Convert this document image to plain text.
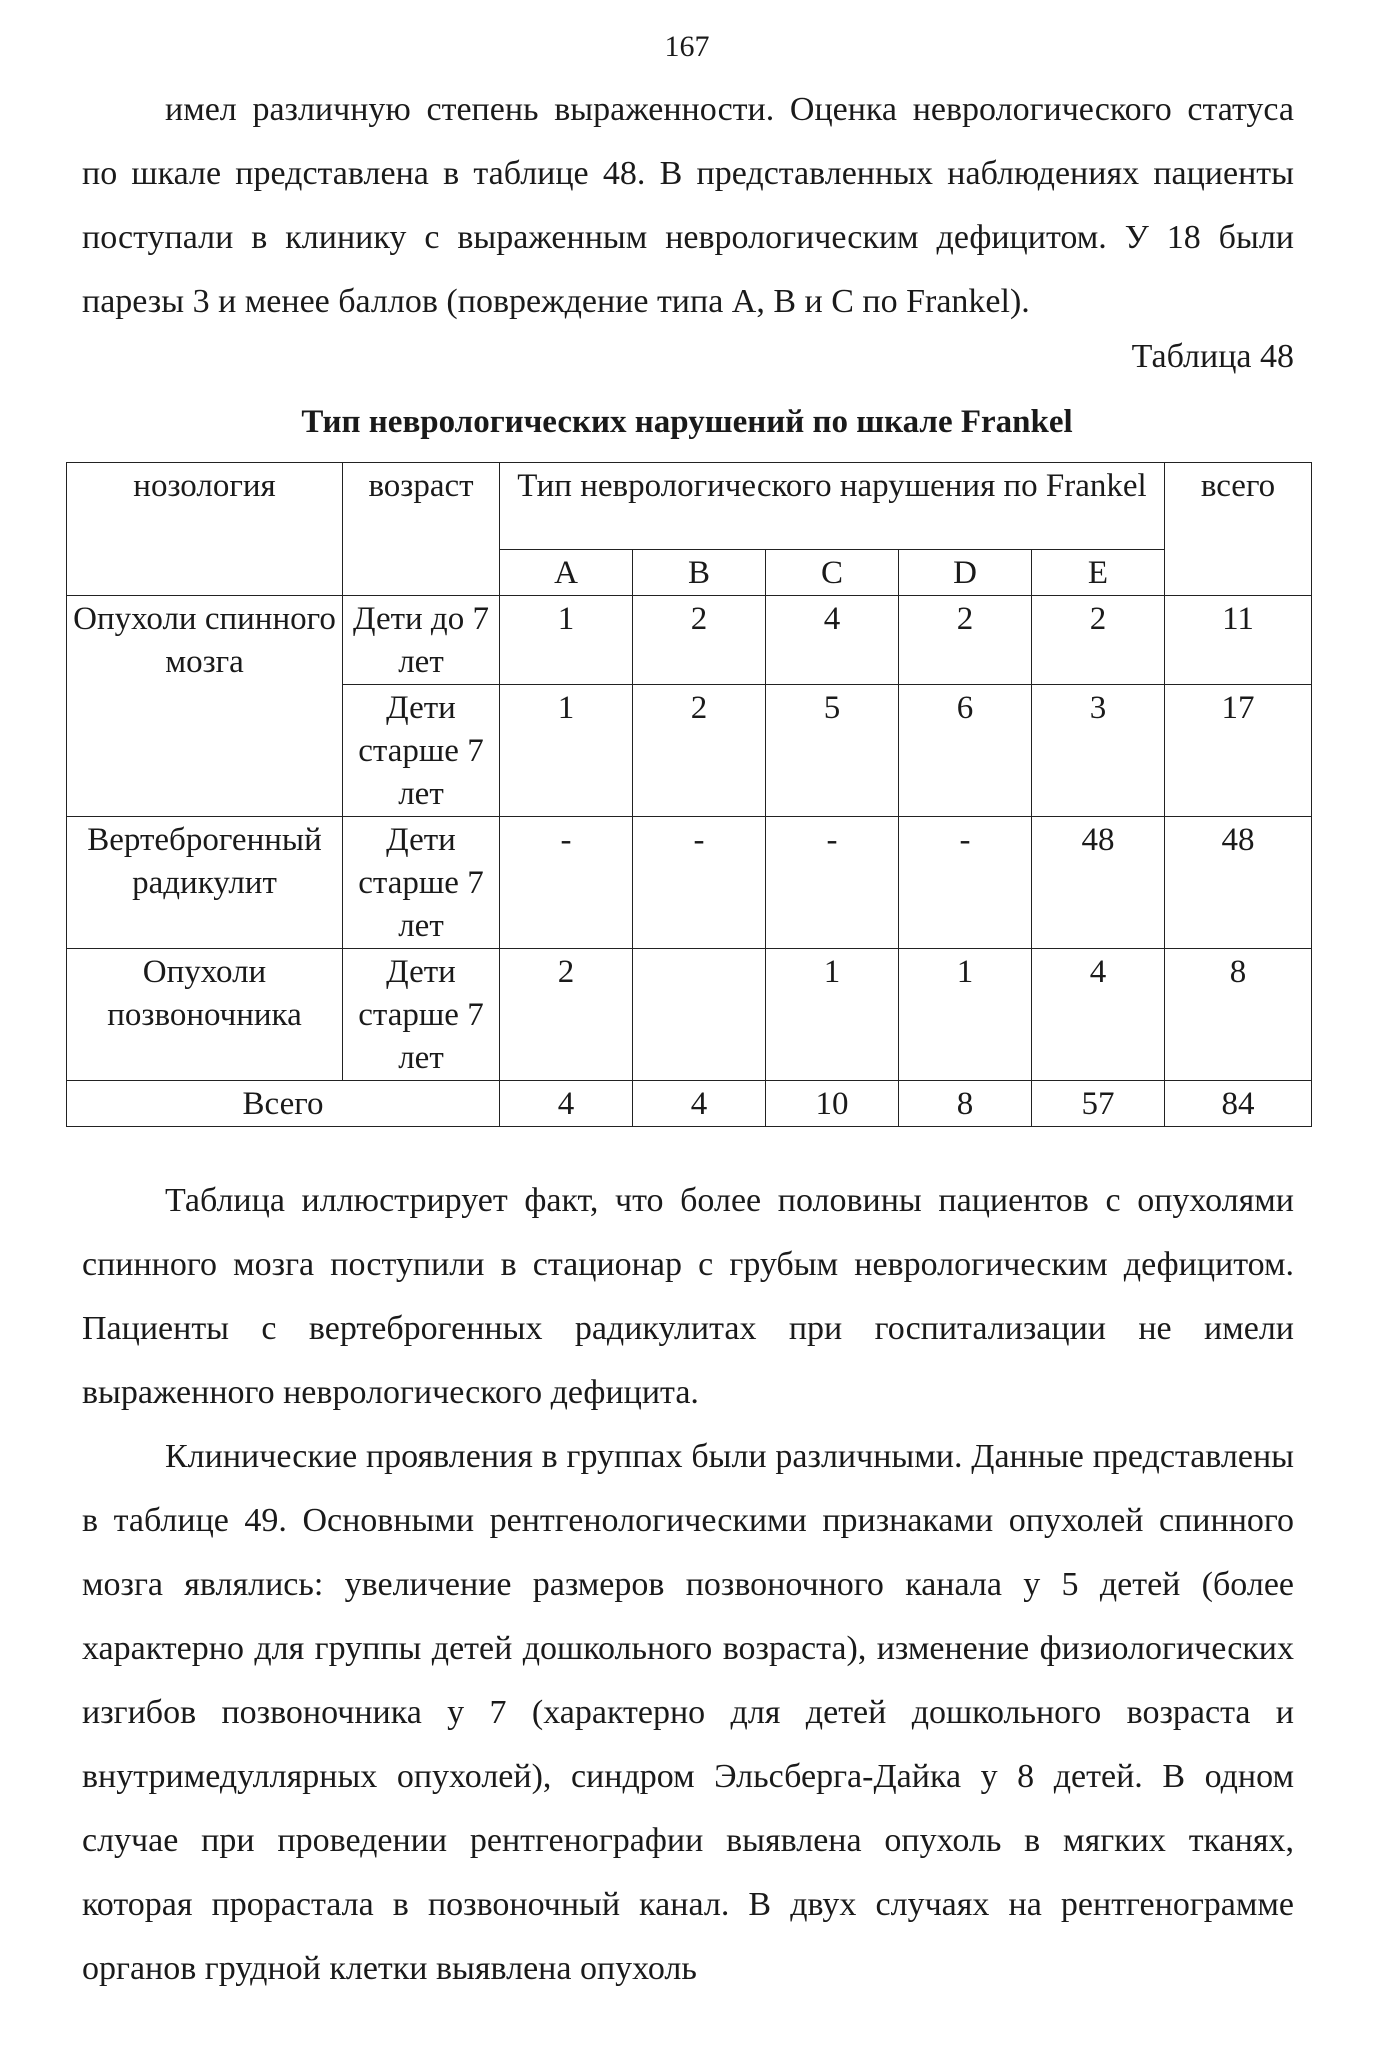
167

имел различную степень выраженности. Оценка неврологического статуса по шкале представлена в таблице 48. В представленных наблюдениях пациенты поступали в клинику с выраженным неврологическим дефицитом. У 18 были парезы 3 и менее баллов (повреждение типа А, В и С по Frankel).

Таблица 48
Тип неврологических нарушений по шкале Frankel
нозология	возраст	Тип неврологического нарушения по Frankel					всего
		A	B	C	D	E	
Опухоли спинного мозга	Дети до 7 лет	1	2	4	2	2	11
	Дети старше 7 лет	1	2	5	6	3	17
Вертеброгенный радикулит	Дети старше 7 лет	-	-	-	-	48	48
Опухоли позвоночника	Дети старше 7 лет	2		1	1	4	8
Всего		4	4	10	8	57	84

Таблица иллюстрирует факт, что более половины пациентов с опухолями спинного мозга поступили в стационар с грубым неврологическим дефицитом. Пациенты с вертеброгенных радикулитах при госпитализации не имели выраженного неврологического дефицита.

Клинические проявления в группах были различными. Данные представлены в таблице 49. Основными рентгенологическими признаками опухолей спинного мозга являлись: увеличение размеров позвоночного канала у 5 детей (более характерно для группы детей дошкольного возраста), изменение физиологических изгибов позвоночника у 7 (характерно для детей дошкольного возраста и внутримедуллярных опухолей), синдром Эльсберга-Дайка у 8 детей. В одном случае при проведении рентгенографии выявлена опухоль в мягких тканях, которая прорастала в позвоночный канал. В двух случаях на рентгенограмме органов грудной клетки выявлена опухоль
